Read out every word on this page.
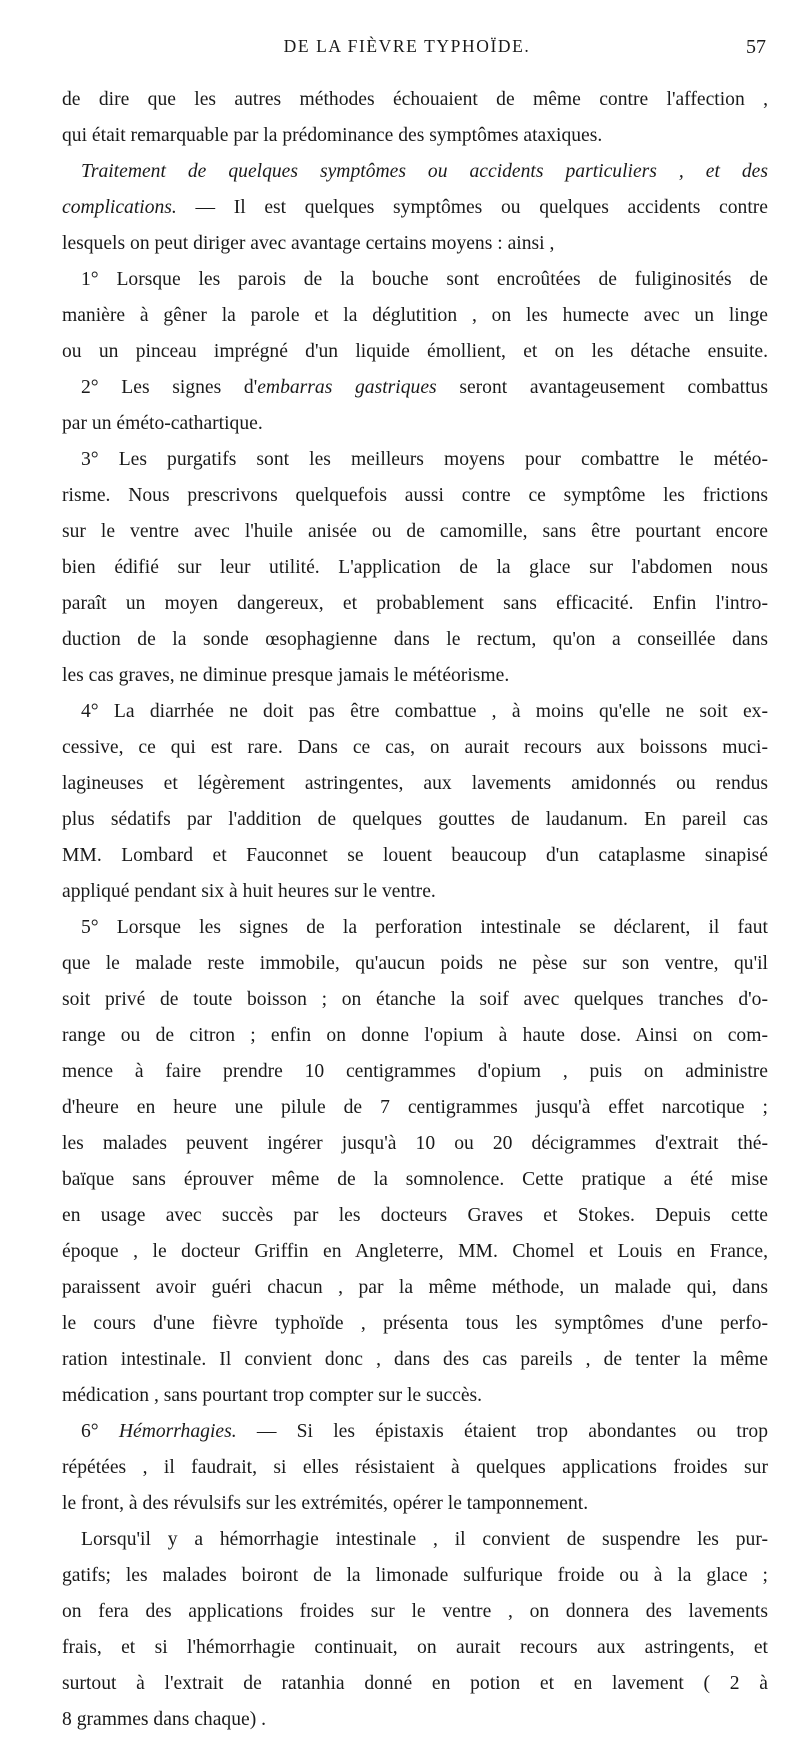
DE LA FIÈVRE TYPHOÏDE.	57
de dire que les autres méthodes échouaient de même contre l'affection ,
qui était remarquable par la prédominance des symptômes ataxiques.
Traitement de quelques symptômes ou accidents particuliers , et des
complications. — Il est quelques symptômes ou quelques accidents contre
lesquels on peut diriger avec avantage certains moyens : ainsi ,
1° Lorsque les parois de la bouche sont encroûtées de fuliginosités de
manière à gêner la parole et la déglutition , on les humecte avec un linge
ou un pinceau imprégné d'un liquide émollient, et on les détache ensuite.
2° Les signes d'embarras gastriques seront avantageusement combattus
par un éméto-cathartique.
3° Les purgatifs sont les meilleurs moyens pour combattre le météo-
risme. Nous prescrivons quelquefois aussi contre ce symptôme les frictions
sur le ventre avec l'huile anisée ou de camomille, sans être pourtant encore
bien édifié sur leur utilité. L'application de la glace sur l'abdomen nous
paraît un moyen dangereux, et probablement sans efficacité. Enfin l'intro-
duction de la sonde œsophagienne dans le rectum, qu'on a conseillée dans
les cas graves, ne diminue presque jamais le météorisme.
4° La diarrhée ne doit pas être combattue , à moins qu'elle ne soit ex-
cessive, ce qui est rare. Dans ce cas, on aurait recours aux boissons muci-
lagineuses et légèrement astringentes, aux lavements amidonnés ou rendus
plus sédatifs par l'addition de quelques gouttes de laudanum. En pareil cas
MM. Lombard et Fauconnet se louent beaucoup d'un cataplasme sinapisé
appliqué pendant six à huit heures sur le ventre.
5° Lorsque les signes de la perforation intestinale se déclarent, il faut
que le malade reste immobile, qu'aucun poids ne pèse sur son ventre, qu'il
soit privé de toute boisson ; on étanche la soif avec quelques tranches d'o-
range ou de citron ; enfin on donne l'opium à haute dose. Ainsi on com-
mence à faire prendre 10 centigrammes d'opium , puis on administre
d'heure en heure une pilule de 7 centigrammes jusqu'à effet narcotique ;
les malades peuvent ingérer jusqu'à 10 ou 20 décigrammes d'extrait thé-
baïque sans éprouver même de la somnolence. Cette pratique a été mise
en usage avec succès par les docteurs Graves et Stokes. Depuis cette
époque , le docteur Griffin en Angleterre, MM. Chomel et Louis en France,
paraissent avoir guéri chacun , par la même méthode, un malade qui, dans
le cours d'une fièvre typhoïde , présenta tous les symptômes d'une perfo-
ration intestinale. Il convient donc , dans des cas pareils , de tenter la même
médication , sans pourtant trop compter sur le succès.
6° Hémorrhagies. — Si les épistaxis étaient trop abondantes ou trop
répétées , il faudrait, si elles résistaient à quelques applications froides sur
le front, à des révulsifs sur les extrémités, opérer le tamponnement.
Lorsqu'il y a hémorrhagie intestinale , il convient de suspendre les pur-
gatifs; les malades boiront de la limonade sulfurique froide ou à la glace ;
on fera des applications froides sur le ventre , on donnera des lavements
frais, et si l'hémorrhagie continuait, on aurait recours aux astringents, et
surtout à l'extrait de ratanhia donné en potion et en lavement ( 2 à
8 grammes dans chaque) .
